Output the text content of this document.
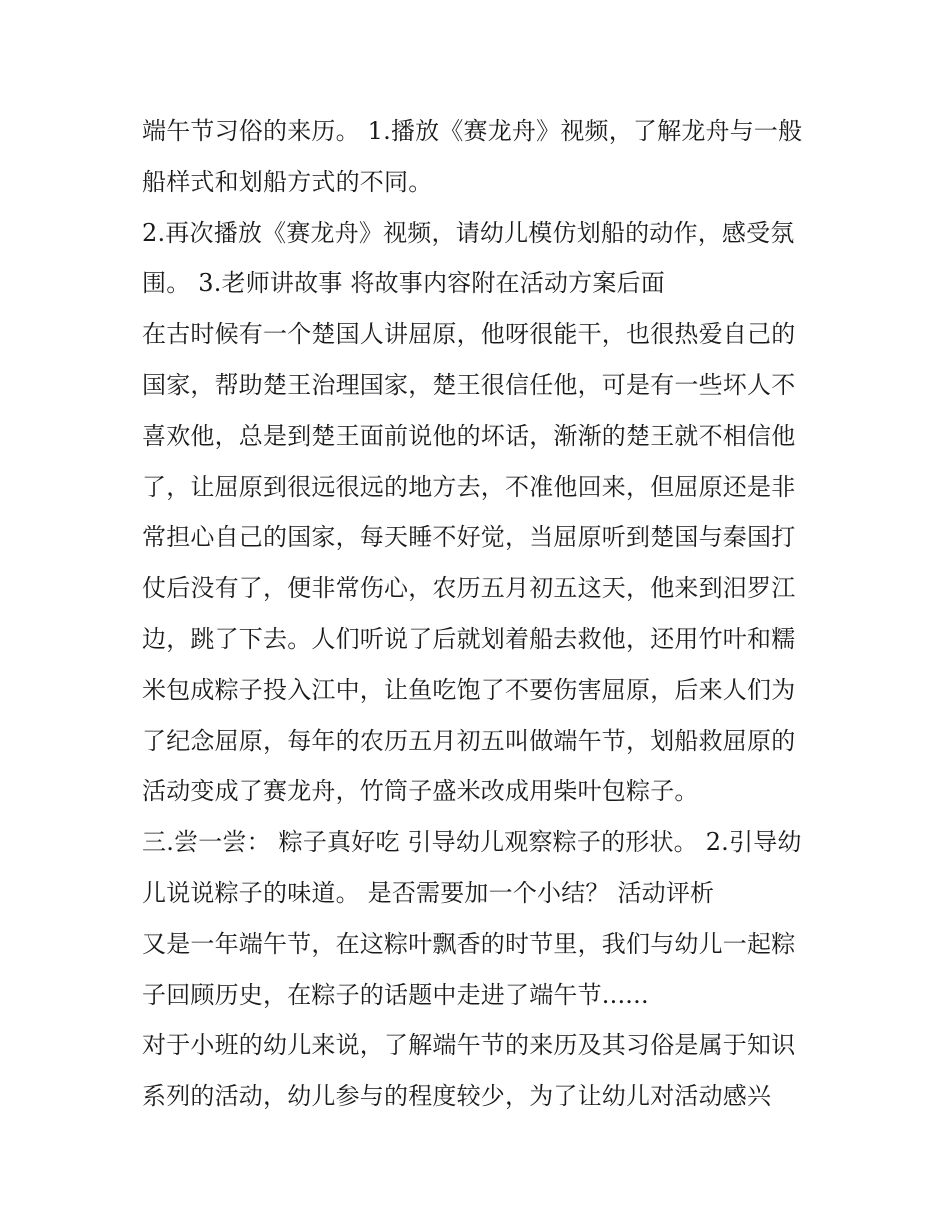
端午节习俗的来历。 1.播放《赛龙舟》视频，了解龙舟与一般
船样式和划船方式的不同。

2.再次播放《赛龙舟》视频，请幼儿模仿划船的动作，感受氛
围。 3.老师讲故事 将故事内容附在活动方案后面

在古时候有一个楚国人讲屈原，他呀很能干，也很热爱自己的
国家，帮助楚王治理国家，楚王很信任他，可是有一些坏人不
喜欢他，总是到楚王面前说他的坏话，渐渐的楚王就不相信他
了，让屈原到很远很远的地方去，不准他回来，但屈原还是非
常担心自己的国家，每天睡不好觉，当屈原听到楚国与秦国打
仗后没有了，便非常伤心，农历五月初五这天，他来到汨罗江
边，跳了下去。人们听说了后就划着船去救他，还用竹叶和糯
米包成粽子投入江中，让鱼吃饱了不要伤害屈原，后来人们为
了纪念屈原，每年的农历五月初五叫做端午节，划船救屈原的
活动变成了赛龙舟，竹筒子盛米改成用柴叶包粽子。

三.尝一尝： 粽子真好吃 引导幼儿观察粽子的形状。 2.引导幼
儿说说粽子的味道。 是否需要加一个小结？ 活动评析

又是一年端午节，在这粽叶飘香的时节里，我们与幼儿一起粽
子回顾历史，在粽子的话题中走进了端午节......

对于小班的幼儿来说，了解端午节的来历及其习俗是属于知识
系列的活动，幼儿参与的程度较少，为了让幼儿对活动感兴
